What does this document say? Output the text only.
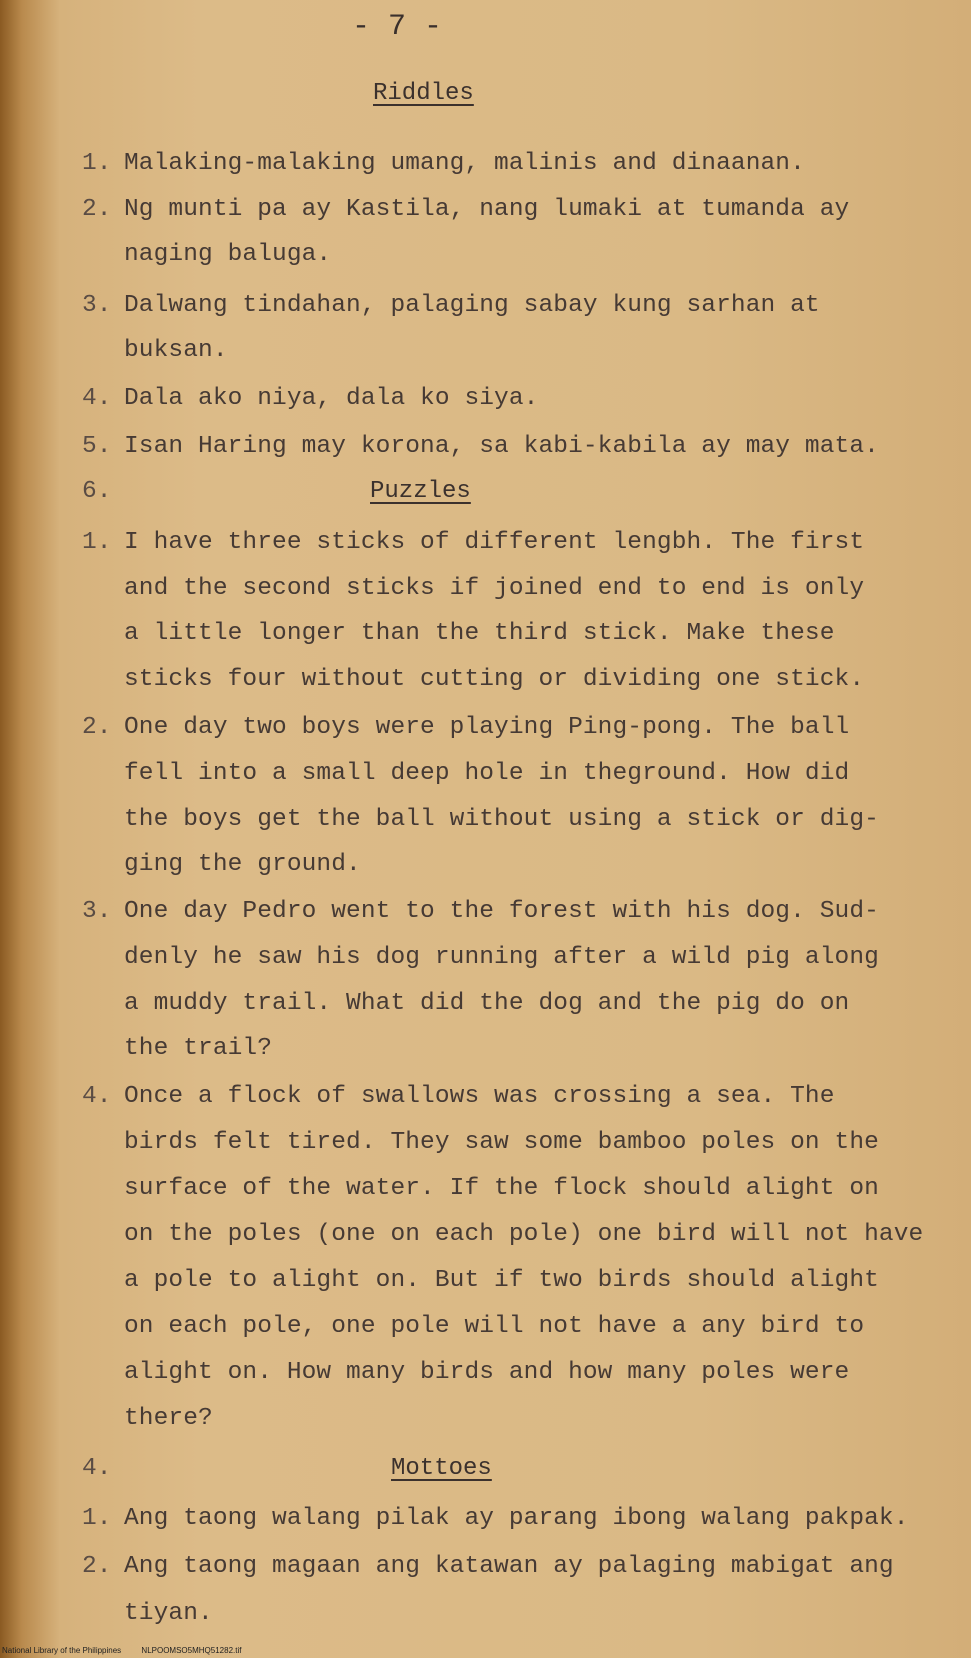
- 7 -
Riddles
1. Malaking-malaking umang, malinis and dinaanan.
2. Ng munti pa ay Kastila, nang lumaki at tumanda ay
naging baluga.
3. Dalwang tindahan, palaging sabay kung sarhan at
buksan.
4. Dala ako niya, dala ko siya.
5. Isan Haring may korona, sa kabi-kabila ay may mata.
6.	Puzzles
1. I have three sticks of different lengbh. The first
and the second sticks if joined end to end is only
a little longer than the third stick. Make these
sticks four without cutting or dividing one stick.
2. One day two boys were playing Ping-pong. The ball
fell into a small deep hole in theground. How did
the boys get the ball without using a stick or dig-
ging the ground.
3. One day Pedro went to the forest with his dog. Sud-
denly he saw his dog running after a wild pig along
a muddy trail. What did the dog and the pig do on
the trail?
4. Once a flock of swallows was crossing a sea. The
birds felt tired. They saw some bamboo poles on the
surface of the water. If the flock should alight on
on the poles (one on each pole) one bird will not have
a pole to alight on. But if two birds should alight
on each pole, one pole will not have a any bird to
alight on. How many birds and how many poles were
there?
4.	Mottoes
1. Ang taong walang pilak ay parang ibong walang pakpak.
2. Ang taong magaan ang katawan ay palaging mabigat ang
tiyan.
National Library of the Philippines	NLPOOMSO5MHQ51282.tif
